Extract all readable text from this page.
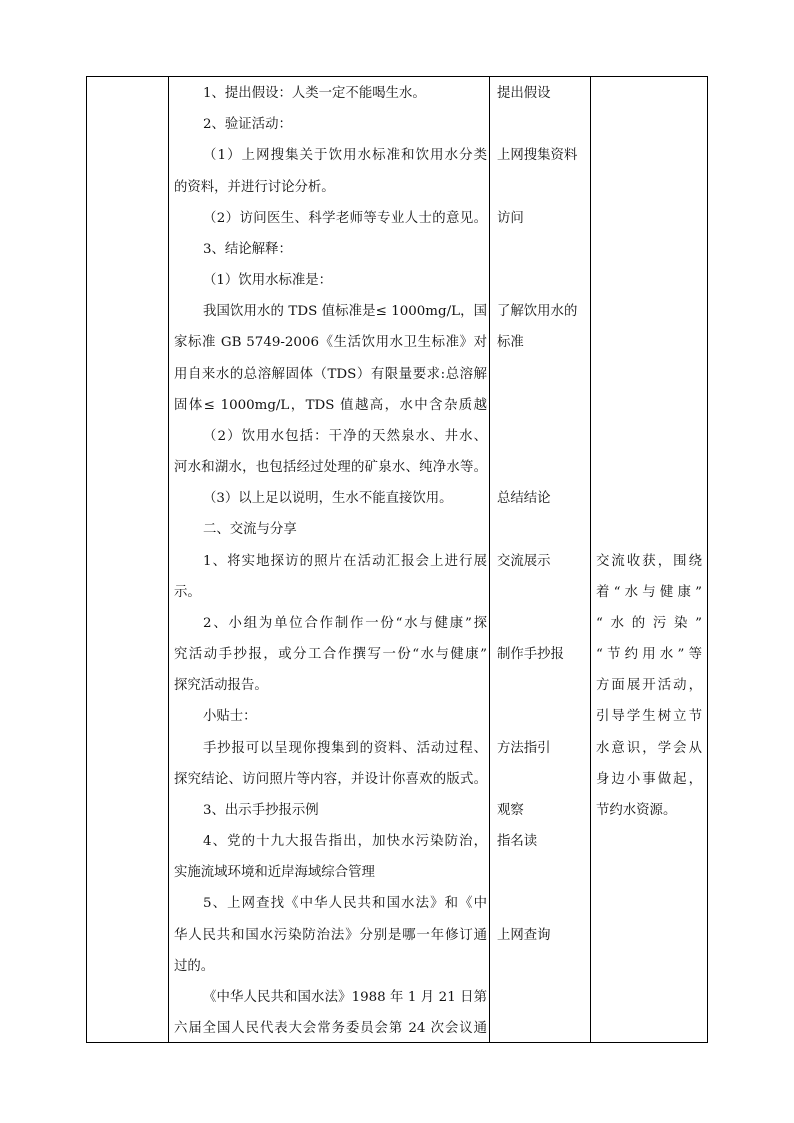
1、提出假设：人类一定不能喝生水。
2、验证活动：
（1）上网搜集关于饮用水标准和饮用水分类
的资料，并进行讨论分析。
（2）访问医生、科学老师等专业人士的意见。
3、结论解释：
（1）饮用水标准是：
我国饮用水的 TDS 值标准是≤ 1000mg/L，国
家标准 GB 5749-2006《生活饮用水卫生标准》对
用自来水的总溶解固体（TDS）有限量要求:总溶解
固体≤ 1000mg/L，TDS 值越高，水中含杂质越
（2）饮用水包括：干净的天然泉水、井水、
河水和湖水，也包括经过处理的矿泉水、纯净水等。
（3）以上足以说明，生水不能直接饮用。
二、交流与分享
1、将实地探访的照片在活动汇报会上进行展
示。
2、小组为单位合作制作一份“水与健康”探
究活动手抄报，或分工合作撰写一份“水与健康”
探究活动报告。
小贴士：
手抄报可以呈现你搜集到的资料、活动过程、
探究结论、访问照片等内容，并设计你喜欢的版式。
3、出示手抄报示例
4、党的十九大报告指出，加快水污染防治，
实施流域环境和近岸海域综合管理
5、上网查找《中华人民共和国水法》和《中
华人民共和国水污染防治法》分别是哪一年修订通
过的。
《中华人民共和国水法》1988 年 1 月 21 日第
六届全国人民代表大会常务委员会第 24 次会议通
提出假设
上网搜集资料
访问
了解饮用水的
标准
总结结论
交流展示
制作手抄报
方法指引
观察
指名读
上网查询
交流收获，围绕
着“水与健康”
“水的污染”
“节约用水”等
方面展开活动，
引导学生树立节
水意识，学会从
身边小事做起，
节约水资源。
